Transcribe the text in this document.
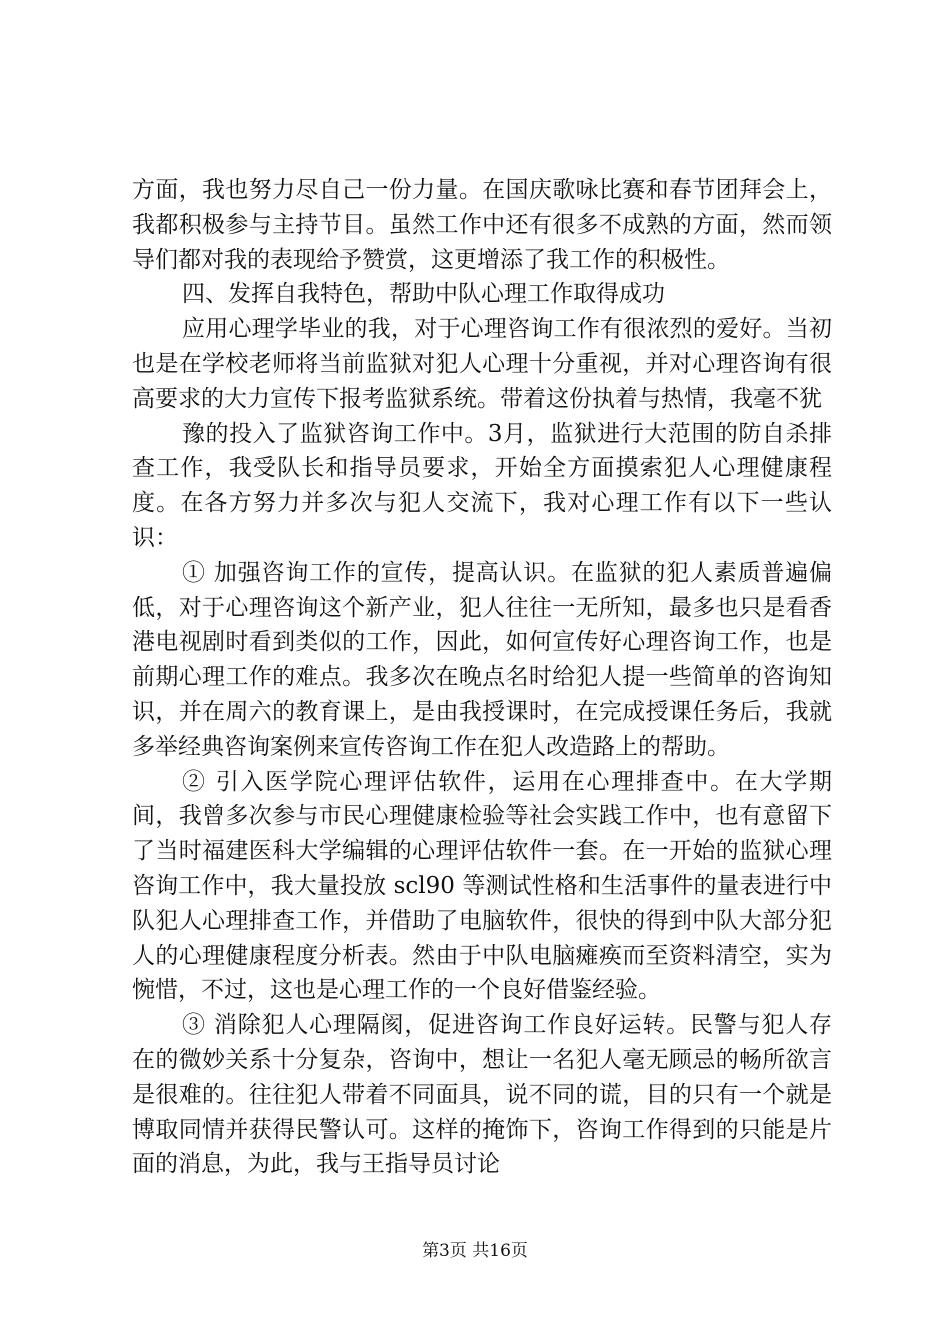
方面，我也努力尽自己一份力量。在国庆歌咏比赛和春节团拜会上，我都积极参与主持节目。虽然工作中还有很多不成熟的方面，然而领导们都对我的表现给予赞赏，这更增添了我工作的积极性。

四、发挥自我特色，帮助中队心理工作取得成功

应用心理学毕业的我，对于心理咨询工作有很浓烈的爱好。当初也是在学校老师将当前监狱对犯人心理十分重视，并对心理咨询有很高要求的大力宣传下报考监狱系统。带着这份执着与热情，我毫不犹

豫的投入了监狱咨询工作中。3月，监狱进行大范围的防自杀排查工作，我受队长和指导员要求，开始全方面摸索犯人心理健康程度。在各方努力并多次与犯人交流下，我对心理工作有以下一些认识：

① 加强咨询工作的宣传，提高认识。在监狱的犯人素质普遍偏低，对于心理咨询这个新产业，犯人往往一无所知，最多也只是看香港电视剧时看到类似的工作，因此，如何宣传好心理咨询工作，也是前期心理工作的难点。我多次在晚点名时给犯人提一些简单的咨询知识，并在周六的教育课上，是由我授课时，在完成授课任务后，我就多举经典咨询案例来宣传咨询工作在犯人改造路上的帮助。

② 引入医学院心理评估软件，运用在心理排查中。在大学期间，我曾多次参与市民心理健康检验等社会实践工作中，也有意留下了当时福建医科大学编辑的心理评估软件一套。在一开始的监狱心理咨询工作中，我大量投放 scl90 等测试性格和生活事件的量表进行中队犯人心理排查工作，并借助了电脑软件，很快的得到中队大部分犯人的心理健康程度分析表。然由于中队电脑瘫痪而至资料清空，实为惋惜，不过，这也是心理工作的一个良好借鉴经验。

③ 消除犯人心理隔阂，促进咨询工作良好运转。民警与犯人存在的微妙关系十分复杂，咨询中，想让一名犯人毫无顾忌的畅所欲言是很难的。往往犯人带着不同面具，说不同的谎，目的只有一个就是博取同情并获得民警认可。这样的掩饰下，咨询工作得到的只能是片面的消息，为此，我与王指导员讨论

第3页 共16页
